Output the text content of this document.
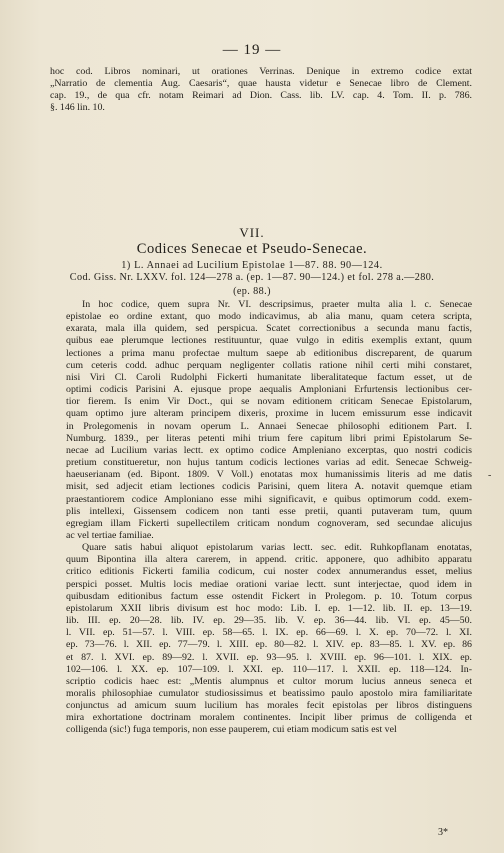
— 19 —
hoc cod. Libros nominari, ut orationes Verrinas. Denique in extremo codice extat
„Narratio de clementia Aug. Caesaris“, quae hausta videtur e Senecae libro de Clement.
cap. 19., de qua cfr. notam Reimari ad Dion. Cass. lib. LV. cap. 4. Tom. II. p. 786.
§. 146 lin. 10.
VII.
Codices Senecae et Pseudo-Senecae.
1) L. Annaei ad Lucilium Epistolae 1—87. 88. 90—124.
Cod. Giss. Nr. LXXV. fol. 124—278 a. (ep. 1—87. 90—124.) et fol. 278 a.—280.
(ep. 88.)
In hoc codice, quem supra Nr. VI. descripsimus, praeter multa alia l. c. Senecae
epistolae eo ordine extant, quo modo indicavimus, ab alia manu, quam cetera scripta,
exarata, mala illa quidem, sed perspicua. Scatet correctionibus a secunda manu factis,
quibus eae plerumque lectiones restituuntur, quae vulgo in editis exemplis extant, quum
lectiones a prima manu profectae multum saepe ab editionibus discreparent, de quarum
cum ceteris codd. adhuc perquam negligenter collatis ratione nihil certi mihi constaret,
nisi Viri Cl. Caroli Rudolphi Fickerti humanitate liberalitateque factum esset, ut de
optimi codicis Parisini A. ejusque prope aequalis Amploniani Erfurtensis lectionibus cer-
tior fierem. Is enim Vir Doct., qui se novam editionem criticam Senecae Epistolarum,
quam optimo jure alteram principem dixeris, proxime in lucem emissurum esse indicavit
in Prolegomenis in novam operum L. Annaei Senecae philosophi editionem Part. I.
Numburg. 1839., per literas petenti mihi trium fere capitum libri primi Epistolarum Se-
necae ad Lucilium varias lectt. ex optimo codice Ampleniano excerptas, quo nostri codicis
pretium constitueretur, non hujus tantum codicis lectiones varias ad edit. Senecae Schweig-
haeuserianam (ed. Bipont. 1809. V Voll.) enotatas mox humanissimis literis ad me datis
misit, sed adjecit etiam lectiones codicis Parisini, quem litera A. notavit quemque etiam
praestantiorem codice Amploniano esse mihi significavit, e quibus optimorum codd. exem-
plis intellexi, Gissensem codicem non tanti esse pretii, quanti putaveram tum, quum
egregiam illam Fickerti supellectilem criticam nondum cognoveram, sed secundae alicujus
ac vel tertiae familiae.
Quare satis habui aliquot epistolarum varias lectt. sec. edit. Ruhkopflanam enotatas,
quum Bipontina illa altera carerem, in append. critic. apponere, quo adhibito apparatu
critico editionis Fickerti familia codicum, cui noster codex annumerandus esset, melius
perspici posset. Multis locis mediae orationi variae lectt. sunt interjectae, quod idem in
quibusdam editionibus factum esse ostendit Fickert in Prolegom. p. 10. Totum corpus
epistolarum XXII libris divisum est hoc modo: Lib. I. ep. 1—12. lib. II. ep. 13—19.
lib. III. ep. 20—28. lib. IV. ep. 29—35. lib. V. ep. 36—44. lib. VI. ep. 45—50.
l. VII. ep. 51—57. l. VIII. ep. 58—65. l. IX. ep. 66—69. l. X. ep. 70—72. l. XI.
ep. 73—76. l. XII. ep. 77—79. l. XIII. ep. 80—82. l. XIV. ep. 83—85. l. XV. ep. 86
et 87. l. XVI. ep. 89—92. l. XVII. ep. 93—95. l. XVIII. ep. 96—101. l. XIX. ep.
102—106. l. XX. ep. 107—109. l. XXI. ep. 110—117. l. XXII. ep. 118—124. In-
scriptio codicis haec est: „Mentis alumpnus et cultor morum lucius anneus seneca et
moralis philosophiae cumulator studiosissimus et beatissimo paulo apostolo mira familiaritate
conjunctus ad amicum suum lucilium has morales fecit epistolas per libros distinguens
mira exhortatione doctrinam moralem continentes. Incipit liber primus de colligenda et
colligenda (sic!) fuga temporis, non esse pauperem, cui etiam modicum satis est vel
3*
-
